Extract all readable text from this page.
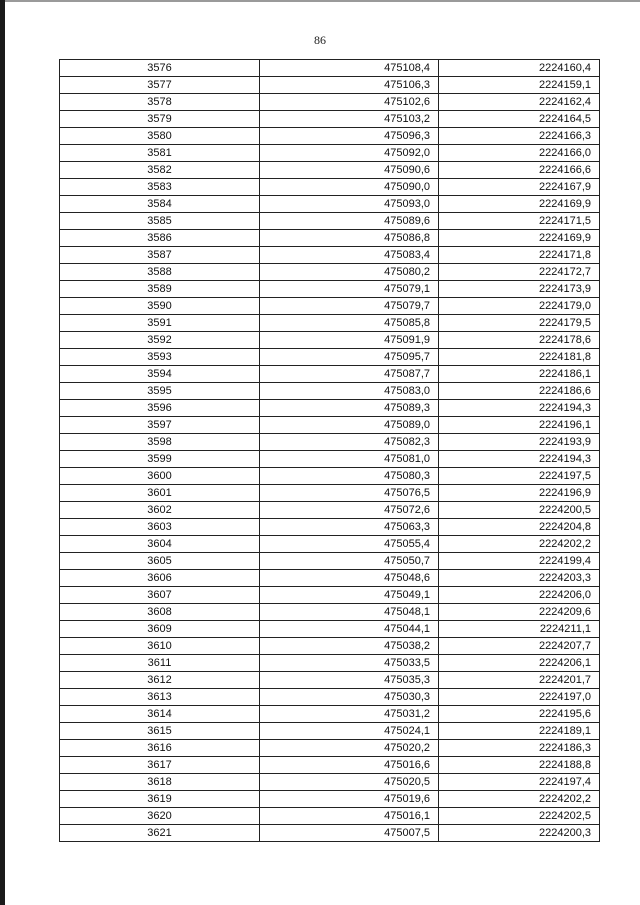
86
3576	475108,4	2224160,4
3577	475106,3	2224159,1
3578	475102,6	2224162,4
3579	475103,2	2224164,5
3580	475096,3	2224166,3
3581	475092,0	2224166,0
3582	475090,6	2224166,6
3583	475090,0	2224167,9
3584	475093,0	2224169,9
3585	475089,6	2224171,5
3586	475086,8	2224169,9
3587	475083,4	2224171,8
3588	475080,2	2224172,7
3589	475079,1	2224173,9
3590	475079,7	2224179,0
3591	475085,8	2224179,5
3592	475091,9	2224178,6
3593	475095,7	2224181,8
3594	475087,7	2224186,1
3595	475083,0	2224186,6
3596	475089,3	2224194,3
3597	475089,0	2224196,1
3598	475082,3	2224193,9
3599	475081,0	2224194,3
3600	475080,3	2224197,5
3601	475076,5	2224196,9
3602	475072,6	2224200,5
3603	475063,3	2224204,8
3604	475055,4	2224202,2
3605	475050,7	2224199,4
3606	475048,6	2224203,3
3607	475049,1	2224206,0
3608	475048,1	2224209,6
3609	475044,1	2224211,1
3610	475038,2	2224207,7
3611	475033,5	2224206,1
3612	475035,3	2224201,7
3613	475030,3	2224197,0
3614	475031,2	2224195,6
3615	475024,1	2224189,1
3616	475020,2	2224186,3
3617	475016,6	2224188,8
3618	475020,5	2224197,4
3619	475019,6	2224202,2
3620	475016,1	2224202,5
3621	475007,5	2224200,3
